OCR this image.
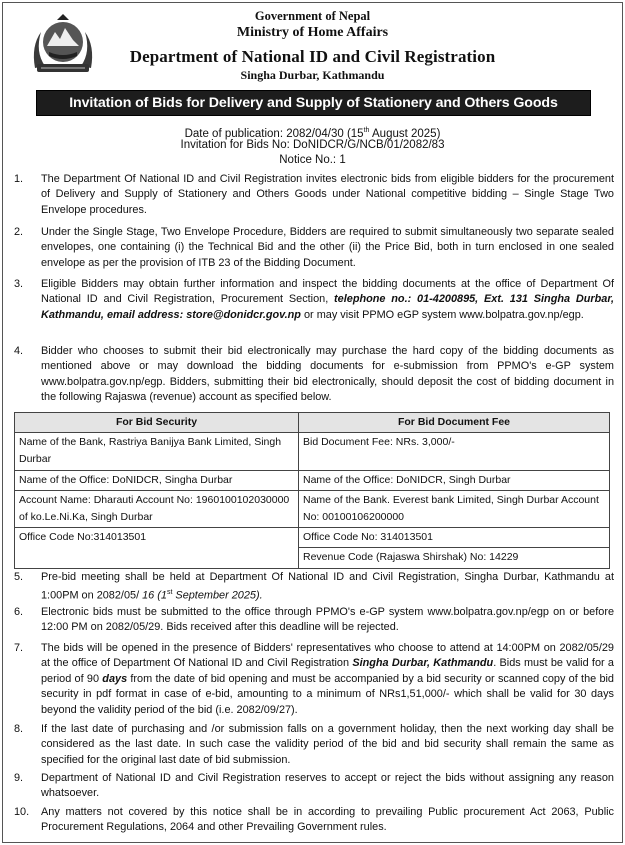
Government of Nepal
Ministry of Home Affairs
Department of National ID and Civil Registration
Singha Durbar, Kathmandu
Invitation of Bids for Delivery and Supply of Stationery and Others Goods
Date of publication: 2082/04/30 (15th August 2025)
Invitation for Bids No: DoNIDCR/G/NCB/01/2082/83
Notice No.: 1
1.	The Department Of National ID and Civil Registration invites electronic bids from eligible bidders for the procurement of Delivery and Supply of Stationery and Others Goods under National competitive bidding – Single Stage Two Envelope procedures.
2.	Under the Single Stage, Two Envelope Procedure, Bidders are required to submit simultaneously two separate sealed envelopes, one containing (i) the Technical Bid and the other (ii) the Price Bid, both in turn enclosed in one sealed envelope as per the provision of ITB 23 of the Bidding Document.
3.	Eligible Bidders may obtain further information and inspect the bidding documents at the office of Department Of National ID and Civil Registration, Procurement Section, telephone no.: 01-4200895, Ext. 131 Singha Durbar, Kathmandu, email address: store@donidcr.gov.np or may visit PPMO eGP system www.bolpatra.gov.np/egp.
4.	Bidder who chooses to submit their bid electronically may purchase the hard copy of the bidding documents as mentioned above or may download the bidding documents for e-submission from PPMO's e-GP system www.bolpatra.gov.np/egp. Bidders, submitting their bid electronically, should deposit the cost of bidding document in the following Rajaswa (revenue) account as specified below.
For Bid Security	For Bid Document Fee
Name of the Bank, Rastriya Banijya Bank Limited, Singh Durbar	Bid Document Fee: NRs. 3,000/-
Name of the Office: DoNIDCR, Singha Durbar	Name of the Office: DoNIDCR, Singh Durbar
Account Name: Dharauti Account No: 1960100102030000 of ko.Le.Ni.Ka, Singh Durbar	Name of the Bank. Everest bank Limited, Singh Durbar Account No: 00100106200000
Office Code No:314013501	Office Code No: 314013501
	Revenue Code (Rajaswa Shirshak) No: 14229
5.	Pre-bid meeting shall be held at Department Of National ID and Civil Registration, Singha Durbar, Kathmandu at 1:00PM on 2082/05/ 16 (1st September 2025).
6.	Electronic bids must be submitted to the office through PPMO's e-GP system www.bolpatra.gov.np/egp on or before 12:00 PM on 2082/05/29. Bids received after this deadline will be rejected.
7.	The bids will be opened in the presence of Bidders' representatives who choose to attend at 14:00PM on 2082/05/29 at the office of Department Of National ID and Civil Registration Singha Durbar, Kathmandu. Bids must be valid for a period of 90 days from the date of bid opening and must be accompanied by a bid security or scanned copy of the bid security in pdf format in case of e-bid, amounting to a minimum of NRs1,51,000/- which shall be valid for 30 days beyond the validity period of the bid (i.e. 2082/09/27).
8.	If the last date of purchasing and /or submission falls on a government holiday, then the next working day shall be considered as the last date. In such case the validity period of the bid and bid security shall remain the same as specified for the original last date of bid submission.
9.	Department of National ID and Civil Registration reserves to accept or reject the bids without assigning any reason whatsoever.
10.	Any matters not covered by this notice shall be in according to prevailing Public procurement Act 2063, Public Procurement Regulations, 2064 and other Prevailing Government rules.
